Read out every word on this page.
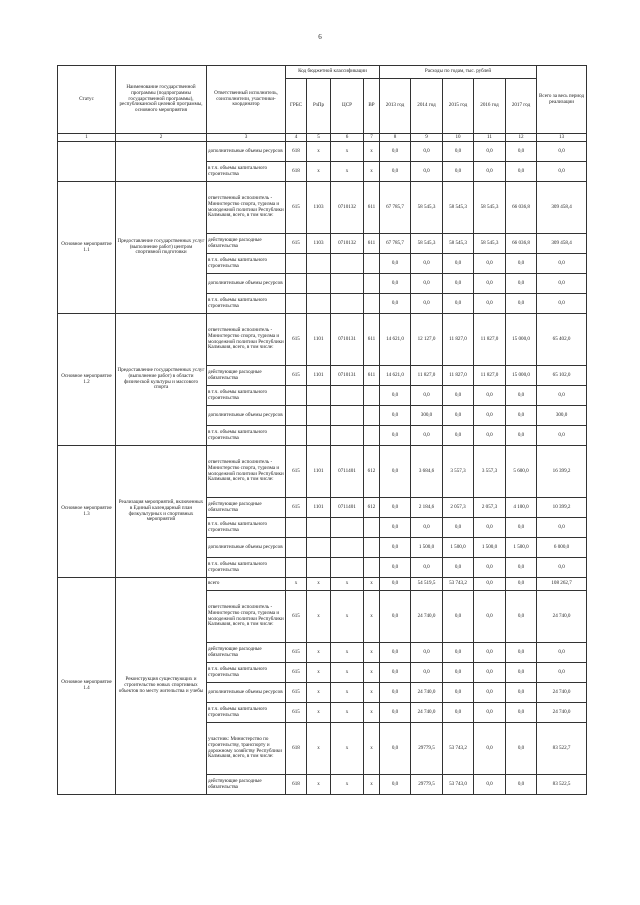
6
Статус	Наименование государственной программы (подпрограммы государственной программы), республиканской целевой программы, основного мероприятия	Ответственный исполнитель, соисполнители, участники-координатор	Код бюджетной классификации				Расходы по годам, тыс. рублей					Всего за весь период реализации
			ГРБС	РзПр	ЦСР	ВР	2013 год	2014 год	2015 год	2016 год	2017 год	
1	2	3	4	5	6	7	8	9	10	11	12	13
		дополнительные объемы ресурсов	618	х	х	х	0,0	0,0	0,0	0,0	0,0	0,0
		в т.ч. объемы капитального строительства	618	х	х	х	0,0	0,0	0,0	0,0	0,0	0,0
Основное мероприятие 1.1	Предоставление государственных услуг (выполнение работ) центром спортивной подготовки	ответственный исполнитель - Министерство спорта, туризма и молодежной политики Республики Калмыкия, всего, в том числе:	615	1103	0710132	611	67 785,7	58 545,3	58 545,3	58 545,3	66 036,8	309 458,4
		действующие расходные обязательства	615	1103	0710132	611	67 785,7	58 545,3	58 545,3	58 545,3	66 036,8	309 458,4
		в т.ч. объемы капитального строительства					0,0	0,0	0,0	0,0	0,0	0,0
		дополнительные объемы ресурсов					0,0	0,0	0,0	0,0	0,0	0,0
		в т.ч. объемы капитального строительства					0,0	0,0	0,0	0,0	0,0	0,0
Основное мероприятие 1.2	Предоставление государственных услуг (выполнение работ) в области физической культуры и массового спорта	ответственный исполнитель - Министерство спорта, туризма и молодежной политики Республики Калмыкия, всего, в том числе:	615	1101	0710131	611	14 621,0	12 127,0	11 827,0	11 827,0	15 000,0	65 402,0
		действующие расходные обязательства	615	1101	0710131	611	14 621,0	11 827,0	11 827,0	11 827,0	15 000,0	65 102,0
		в т.ч. объемы капитального строительства					0,0	0,0	0,0	0,0	0,0	0,0
		дополнительные объемы ресурсов					0,0	300,0	0,0	0,0	0,0	300,0
		в т.ч. объемы капитального строительства					0,0	0,0	0,0	0,0	0,0	0,0
Основное мероприятие 1.3	Реализация мероприятий, включенных в Единый календарный план физкультурных и спортивных мероприятий	ответственный исполнитель - Министерство спорта, туризма и молодежной политики Республики Калмыкия, всего, в том числе:	615	1101	0711401	612	0,0	3 684,6	3 557,3	3 557,3	5 600,0	16 399,2
		действующие расходные обязательства	615	1101	0711401	612	0,0	2 184,6	2 057,3	2 057,3	4 100,0	10 399,2
		в т.ч. объемы капитального строительства					0,0	0,0	0,0	0,0	0,0	0,0
		дополнительные объемы ресурсов					0,0	1 500,0	1 500,0	1 500,0	1 500,0	6 000,0
		в т.ч. объемы капитального строительства					0,0	0,0	0,0	0,0	0,0	0,0
Основное мероприятие 1.4	Реконструкция существующих и строительство новых спортивных объектов по месту жительства и учебы	всего	х	х	х	х	0,0	54 519,5	53 743,2	0,0	0,0	108 262,7
		ответственный исполнитель - Министерство спорта, туризма и молодежной политики Республики Калмыкия, всего, в том числе:	615	х	х	х	0,0	24 740,0	0,0	0,0	0,0	24 740,0
		действующие расходные обязательства	615	х	х	х	0,0	0,0	0,0	0,0	0,0	0,0
		в т.ч. объемы капитального строительства	615	х	х	х	0,0	0,0	0,0	0,0	0,0	0,0
		дополнительные объемы ресурсов	615	х	х	х	0,0	24 740,0	0,0	0,0	0,0	24 740,0
		в т.ч. объемы капитального строительства	615	х	х	х	0,0	24 740,0	0,0	0,0	0,0	24 740,0
		участник: Министерство по строительству, транспорту и дорожному хозяйству Республики Калмыкия, всего, в том числе:	618	х	х	х	0,0	29779,5	53 743,2	0,0	0,0	83 522,7
		действующие расходные обязательства	618	х	х	х	0,0	29779,5	53 743,0	0,0	0,0	83 522,5
